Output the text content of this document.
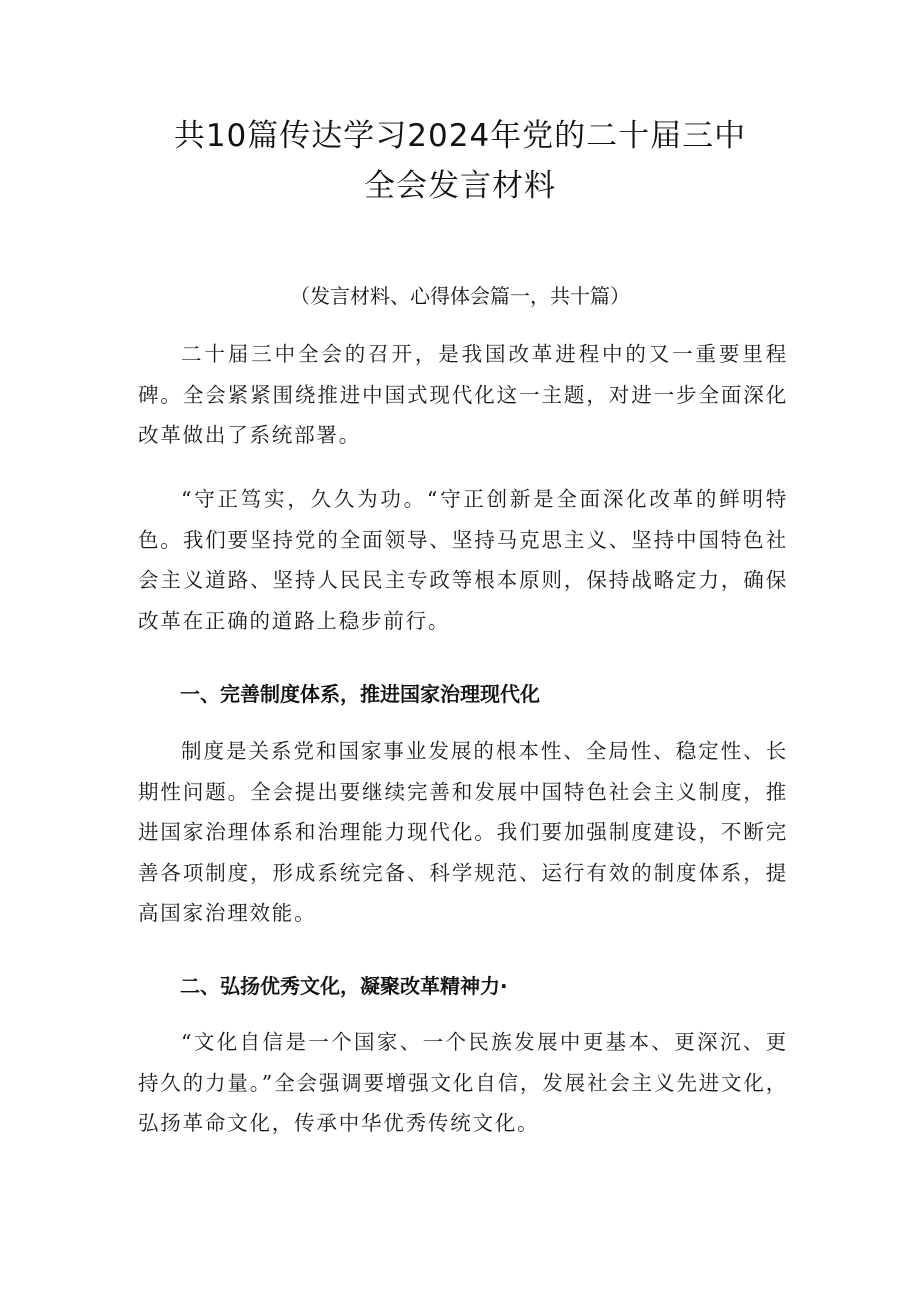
共10篇传达学习2024年党的二十届三中
全会发言材料
（发言材料、心得体会篇一，共十篇）

二十届三中全会的召开，是我国改革进程中的又一重要里程碑。全会紧紧围绕推进中国式现代化这一主题，对进一步全面深化改革做出了系统部署。

“守正笃实，久久为功。“守正创新是全面深化改革的鲜明特色。我们要坚持党的全面领导、坚持马克思主义、坚持中国特色社会主义道路、坚持人民民主专政等根本原则，保持战略定力，确保改革在正确的道路上稳步前行。

一、完善制度体系，推进国家治理现代化

制度是关系党和国家事业发展的根本性、全局性、稳定性、长期性问题。全会提出要继续完善和发展中国特色社会主义制度，推进国家治理体系和治理能力现代化。我们要加强制度建设，不断完善各项制度，形成系统完备、科学规范、运行有效的制度体系，提高国家治理效能。

二、弘扬优秀文化，凝聚改革精神力·

“文化自信是一个国家、一个民族发展中更基本、更深沉、更持久的力量。”全会强调要增强文化自信，发展社会主义先进文化，弘扬革命文化，传承中华优秀传统文化。
